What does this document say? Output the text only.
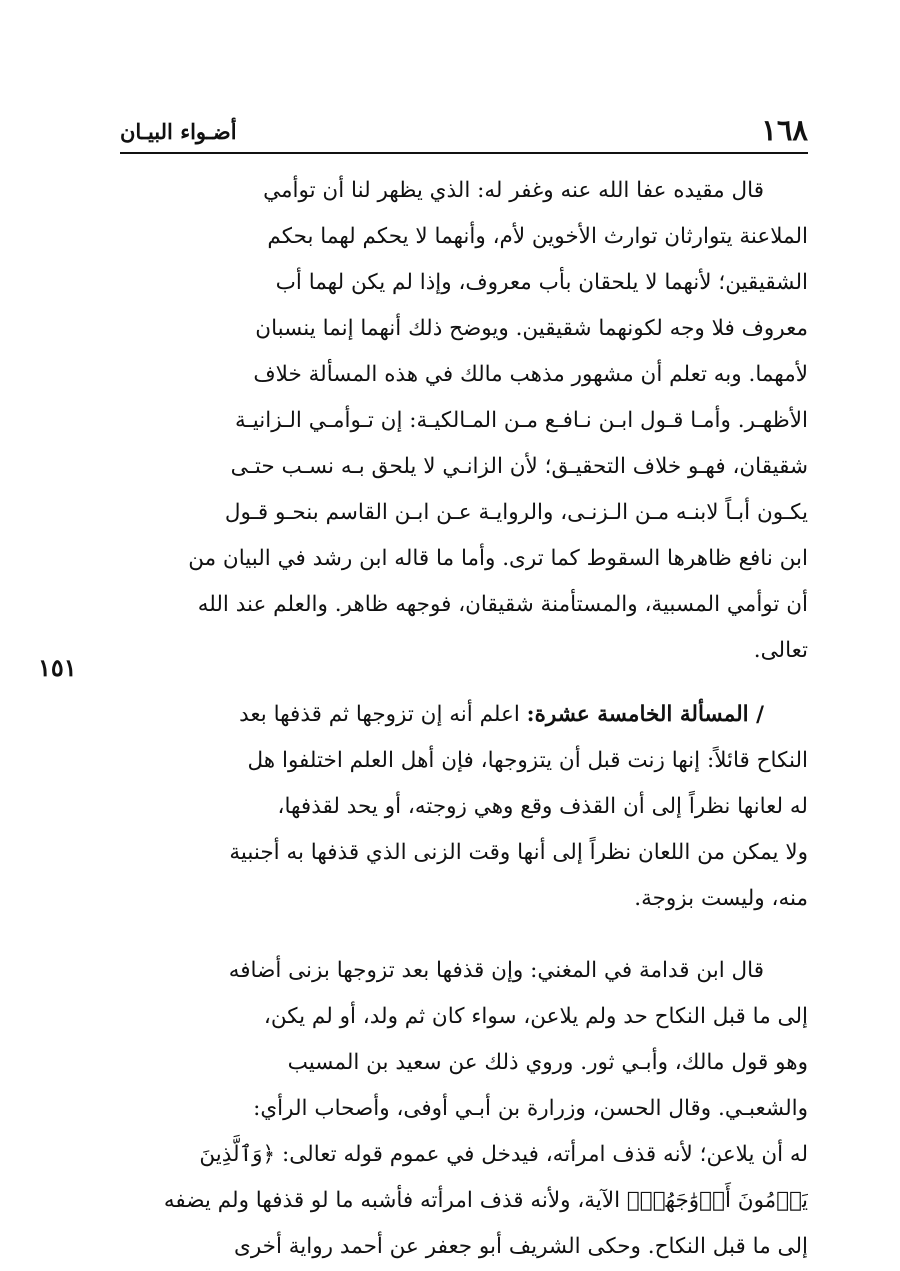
١٦٨
أضـواء البيـان
١٥١
قال مقيده عفا الله عنه وغفر له: الذي يظهر لنا أن توأمي
الملاعنة يتوارثان توارث الأخوين لأم، وأنهما لا يحكم لهما بحكم
الشقيقين؛ لأنهما لا يلحقان بأب معروف، وإذا لم يكن لهما أب
معروف فلا وجه لكونهما شقيقين. ويوضح ذلك أنهما إنما ينسبان
لأمهما. وبه تعلم أن مشهور مذهب مالك في هذه المسألة خلاف
الأظهـر. وأمـا قـول ابـن نـافـع مـن المـالكيـة: إن تـوأمـي الـزانيـة
شقيقان، فهـو خلاف التحقيـق؛ لأن الزانـي لا يلحق بـه نسـب حتـى
يكـون أبـاً لابنـه مـن الـزنـى، والروايـة عـن ابـن القاسم بنحـو قـول
ابن نافع ظاهرها السقوط كما ترى. وأما ما قاله ابن رشد في البيان من
أن توأمي المسبية، والمستأمنة شقيقان، فوجهه ظاهر. والعلم عند الله
تعالى.
/ المسألة الخامسة عشرة: اعلم أنه إن تزوجها ثم قذفها بعد
النكاح قائلاً: إنها زنت قبل أن يتزوجها، فإن أهل العلم اختلفوا هل
له لعانها نظراً إلى أن القذف وقع وهي زوجته، أو يحد لقذفها،
ولا يمكن من اللعان نظراً إلى أنها وقت الزنى الذي قذفها به أجنبية
منه، وليست بزوجة.
قال ابن قدامة في المغني: وإن قذفها بعد تزوجها بزنى أضافه
إلى ما قبل النكاح حد ولم يلاعن، سواء كان ثم ولد، أو لم يكن،
وهو قول مالك، وأبـي ثور. وروي ذلك عن سعيد بن المسيب
والشعبـي. وقال الحسن، وزرارة بن أبـي أوفى، وأصحاب الرأي:
له أن يلاعن؛ لأنه قذف امرأته، فيدخل في عموم قوله تعالى: ﴿وَٱلَّذِينَ
يَرۡمُونَ أَزۡوَٰجَهُمۡ﴾ الآية، ولأنه قذف امرأته فأشبه ما لو قذفها ولم يضفه
إلى ما قبل النكاح. وحكى الشريف أبو جعفر عن أحمد رواية أخرى
